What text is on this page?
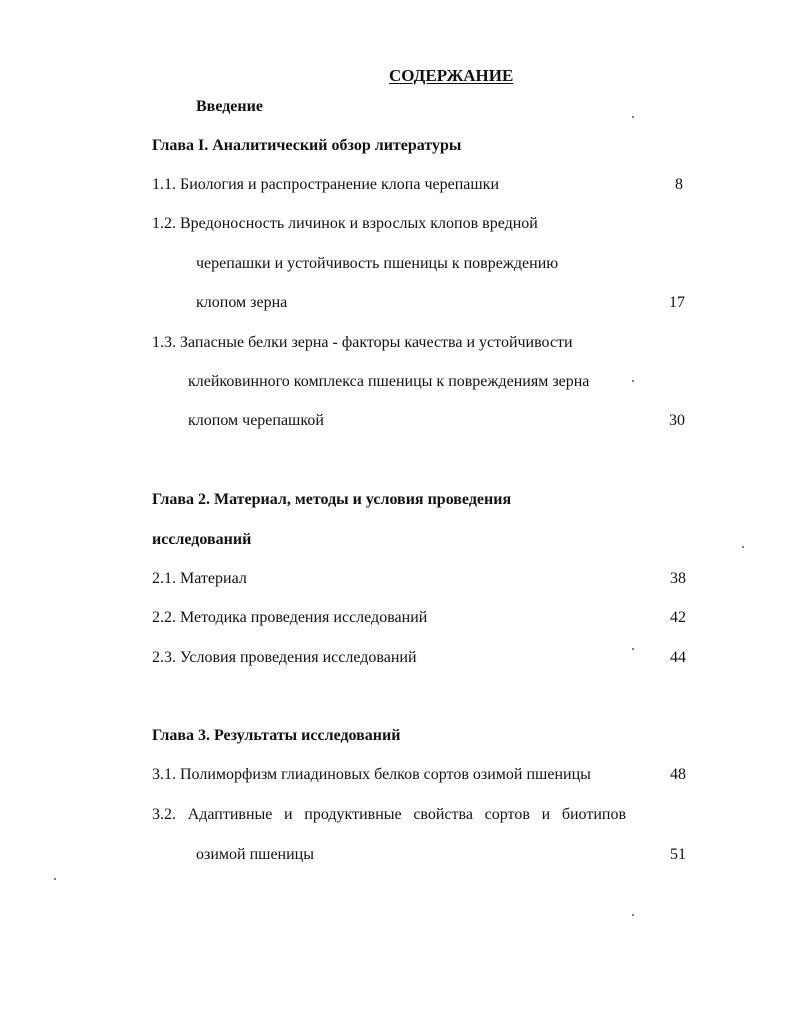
СОДЕРЖАНИЕ
Введение
Глава I. Аналитический обзор литературы
1.1. Биология и распространение клопа черепашки	8
1.2. Вредоносность личинок и взрослых клопов вредной
черепашки и устойчивость пшеницы к повреждению
клопом зерна	17
1.3. Запасные белки зерна - факторы качества и устойчивости
клейковинного комплекса пшеницы к повреждениям зерна
клопом черепашкой	30
Глава 2. Материал, методы и условия проведения
исследований
2.1. Материал	38
2.2. Методика проведения исследований	42
2.3. Условия проведения исследований	44
Глава 3. Результаты исследований
3.1. Полиморфизм глиадиновых белков сортов озимой пшеницы	48
3.2. Адаптивные и продуктивные свойства сортов и биотипов
озимой пшеницы	51
